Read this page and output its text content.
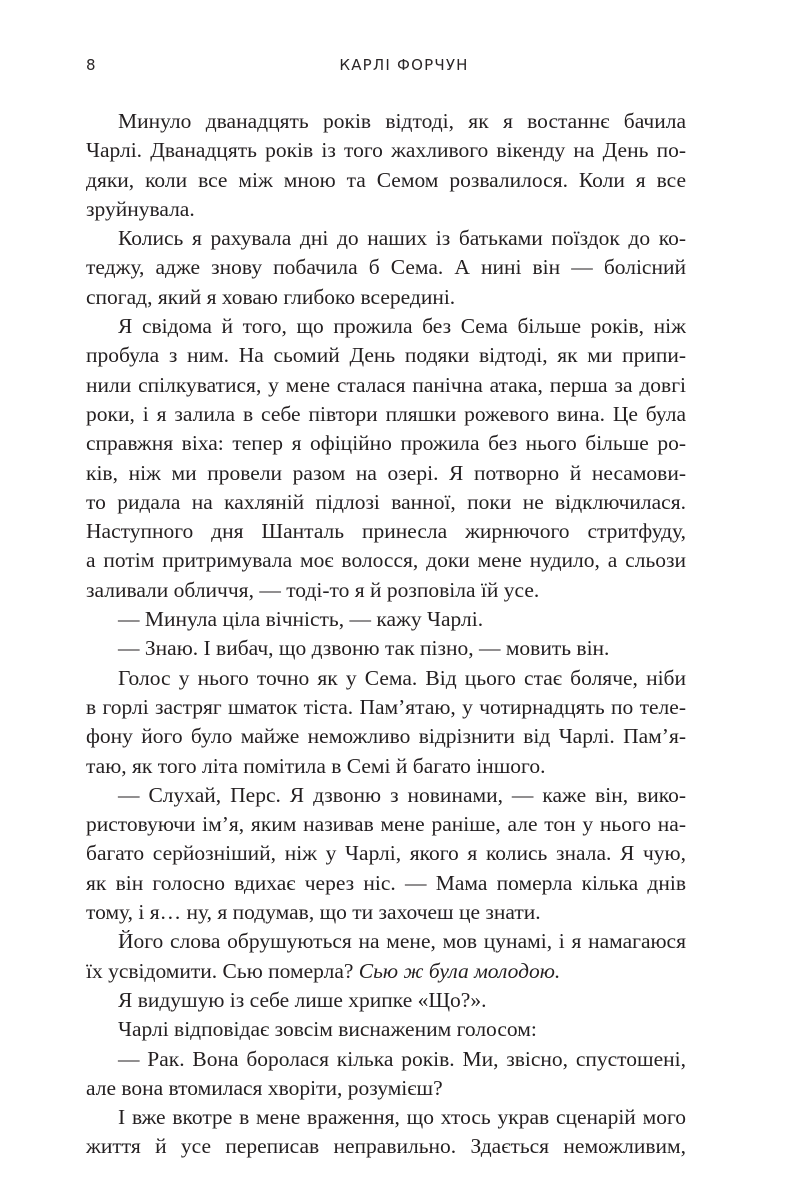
8	КАРЛІ ФОРЧУН
Минуло дванадцять років відтоді, як я востаннє бачила
Чарлі. Дванадцять років із того жахливого вікенду на День по-
дяки, коли все між мною та Семом розвалилося. Коли я все
зруйнувала.
Колись я рахувала дні до наших із батьками поїздок до ко-
теджу, адже знову побачила б Сема. А нині він — болісний
спогад, який я ховаю глибоко всередині.
Я свідома й того, що прожила без Сема більше років, ніж
пробула з ним. На сьомий День подяки відтоді, як ми припи-
нили спілкуватися, у мене сталася панічна атака, перша за довгі
роки, і я залила в себе півтори пляшки рожевого вина. Це була
справжня віха: тепер я офіційно прожила без нього більше ро-
ків, ніж ми провели разом на озері. Я потворно й несамови-
то ридала на кахляній підлозі ванної, поки не відключилася.
Наступного дня Шанталь принесла жирнючого стритфуду,
а потім притримувала моє волосся, доки мене нудило, а сльози
заливали обличчя, — тоді-то я й розповіла їй усе.
— Минула ціла вічність, — кажу Чарлі.
— Знаю. І вибач, що дзвоню так пізно, — мовить він.
Голос у нього точно як у Сема. Від цього стає боляче, ніби
в горлі застряг шматок тіста. Пам’ятаю, у чотирнадцять по теле-
фону його було майже неможливо відрізнити від Чарлі. Пам’я-
таю, як того літа помітила в Семі й багато іншого.
— Слухай, Перс. Я дзвоню з новинами, — каже він, вико-
ристовуючи ім’я, яким називав мене раніше, але тон у нього на-
багато серйозніший, ніж у Чарлі, якого я колись знала. Я чую,
як він голосно вдихає через ніс. — Мама померла кілька днів
тому, і я… ну, я подумав, що ти захочеш це знати.
Його слова обрушуються на мене, мов цунамі, і я намагаюся
їх усвідомити. Сью померла? Сью ж була молодою.
Я видушую із себе лише хрипке «Що?».
Чарлі відповідає зовсім виснаженим голосом:
— Рак. Вона боролася кілька років. Ми, звісно, спустошені,
але вона втомилася хворіти, розумієш?
І вже вкотре в мене враження, що хтось украв сценарій мого
життя й усе переписав неправильно. Здається неможливим,
